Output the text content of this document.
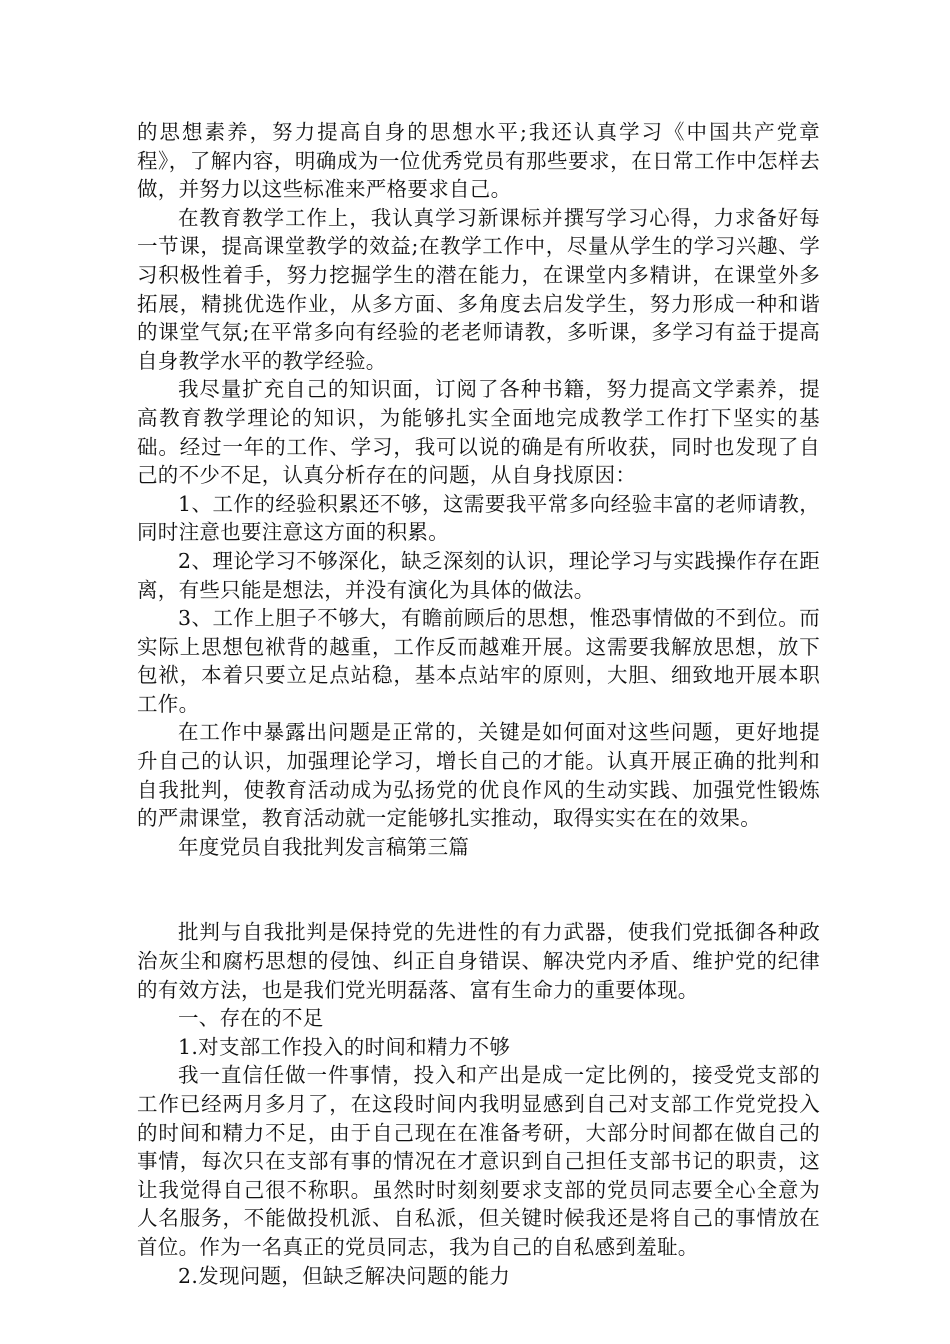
的思想素养，努力提高自身的思想水平;我还认真学习《中国共产党章程》，了解内容，明确成为一位优秀党员有那些要求，在日常工作中怎样去做，并努力以这些标准来严格要求自己。

在教育教学工作上，我认真学习新课标并撰写学习心得，力求备好每一节课，提高课堂教学的效益;在教学工作中，尽量从学生的学习兴趣、学习积极性着手，努力挖掘学生的潜在能力，在课堂内多精讲，在课堂外多拓展，精挑优选作业，从多方面、多角度去启发学生，努力形成一种和谐的课堂气氛;在平常多向有经验的老老师请教，多听课，多学习有益于提高自身教学水平的教学经验。

我尽量扩充自己的知识面，订阅了各种书籍，努力提高文学素养，提高教育教学理论的知识，为能够扎实全面地完成教学工作打下坚实的基础。经过一年的工作、学习，我可以说的确是有所收获，同时也发现了自己的不少不足，认真分析存在的问题，从自身找原因：

1、工作的经验积累还不够，这需要我平常多向经验丰富的老师请教，同时注意也要注意这方面的积累。

2、理论学习不够深化，缺乏深刻的认识，理论学习与实践操作存在距离，有些只能是想法，并没有演化为具体的做法。

3、工作上胆子不够大，有瞻前顾后的思想，惟恐事情做的不到位。而实际上思想包袱背的越重，工作反而越难开展。这需要我解放思想，放下包袱，本着只要立足点站稳，基本点站牢的原则，大胆、细致地开展本职工作。

在工作中暴露出问题是正常的，关键是如何面对这些问题，更好地提升自己的认识，加强理论学习，增长自己的才能。认真开展正确的批判和自我批判，使教育活动成为弘扬党的优良作风的生动实践、加强党性锻炼的严肃课堂，教育活动就一定能够扎实推动，取得实实在在的效果。

年度党员自我批判发言稿第三篇

批判与自我批判是保持党的先进性的有力武器，使我们党抵御各种政治灰尘和腐朽思想的侵蚀、纠正自身错误、解决党内矛盾、维护党的纪律的有效方法，也是我们党光明磊落、富有生命力的重要体现。

一、存在的不足

1.对支部工作投入的时间和精力不够

我一直信任做一件事情，投入和产出是成一定比例的，接受党支部的工作已经两月多月了，在这段时间内我明显感到自己对支部工作党党投入的时间和精力不足，由于自己现在在准备考研，大部分时间都在做自己的事情，每次只在支部有事的情况在才意识到自己担任支部书记的职责，这让我觉得自己很不称职。虽然时时刻刻要求支部的党员同志要全心全意为人名服务，不能做投机派、自私派，但关键时候我还是将自己的事情放在首位。作为一名真正的党员同志，我为自己的自私感到羞耻。

2.发现问题，但缺乏解决问题的能力
